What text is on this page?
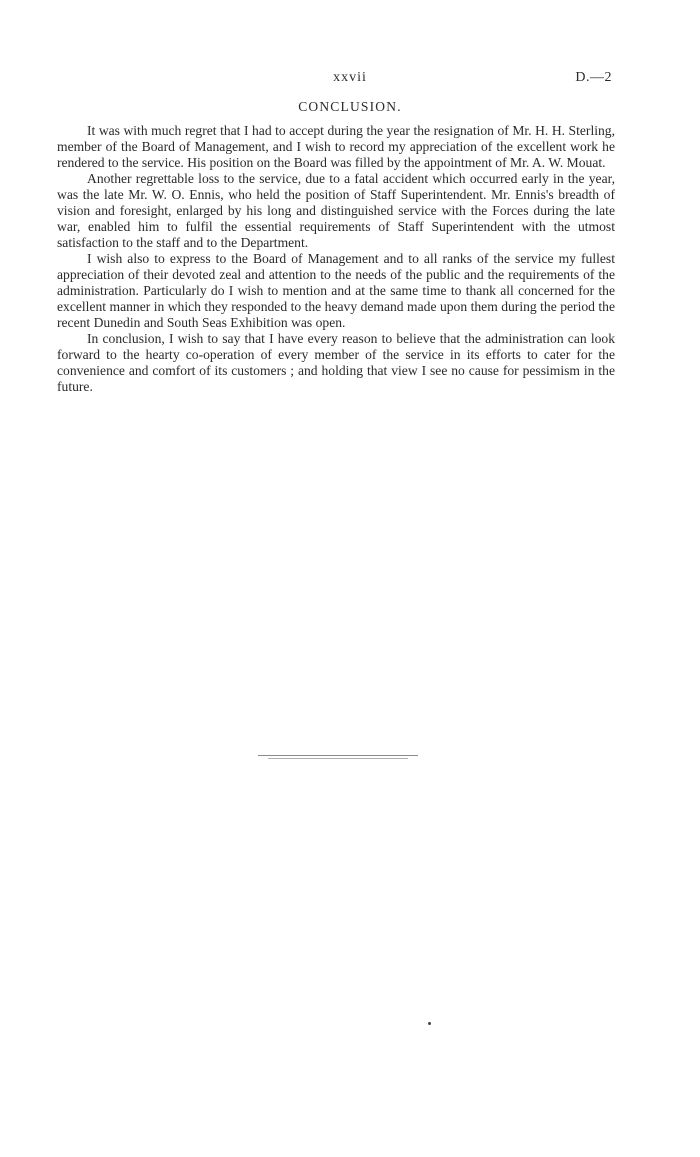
xxvii	D.—2
CONCLUSION.

It was with much regret that I had to accept during the year the resignation of Mr. H. H. Sterling, member of the Board of Management, and I wish to record my appreciation of the excellent work he rendered to the service. His position on the Board was filled by the appointment of Mr. A. W. Mouat.

Another regrettable loss to the service, due to a fatal accident which occurred early in the year, was the late Mr. W. O. Ennis, who held the position of Staff Superintendent. Mr. Ennis's breadth of vision and foresight, enlarged by his long and distinguished service with the Forces during the late war, enabled him to fulfil the essential requirements of Staff Superintendent with the utmost satisfaction to the staff and to the Department.

I wish also to express to the Board of Management and to all ranks of the service my fullest appreciation of their devoted zeal and attention to the needs of the public and the requirements of the administration. Particularly do I wish to mention and at the same time to thank all concerned for the excellent manner in which they responded to the heavy demand made upon them during the period the recent Dunedin and South Seas Exhibition was open.

In conclusion, I wish to say that I have every reason to believe that the administration can look forward to the hearty co-operation of every member of the service in its efforts to cater for the convenience and comfort of its customers ; and holding that view I see no cause for pessimism in the future.
